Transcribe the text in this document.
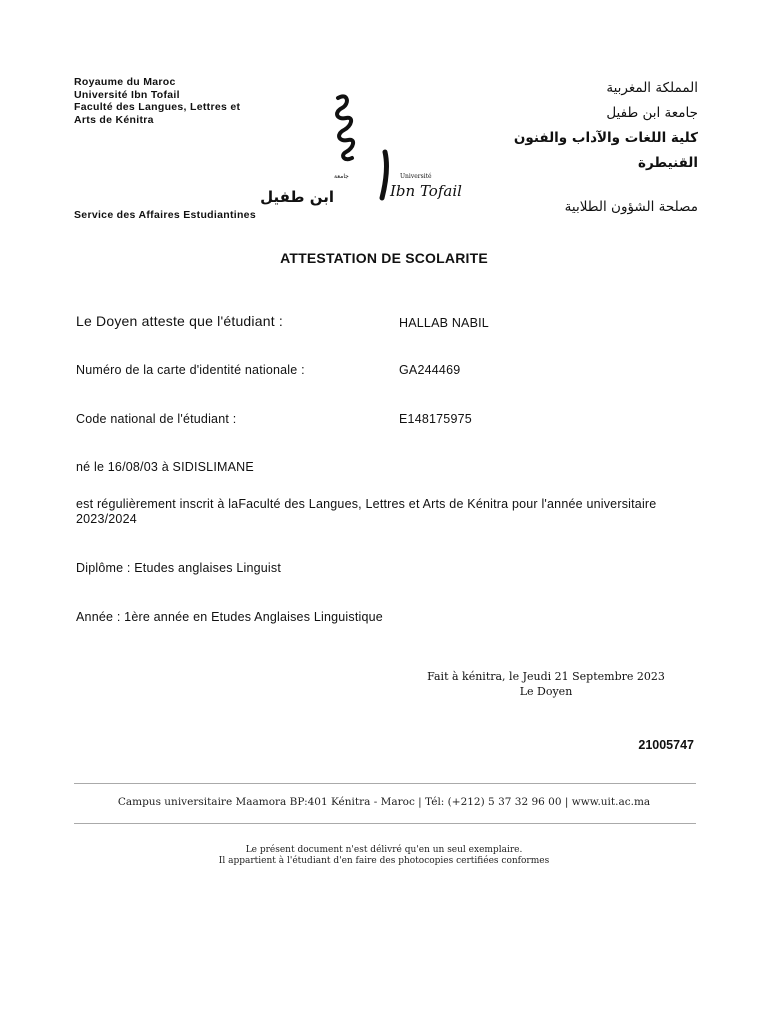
Royaume du Maroc
Université Ibn Tofail
Faculté des Langues, Lettres et
Arts de Kénitra
Service des Affaires Estudiantines
Université
Ibn Tofail
جامعة
ابن طفيل
المملكة المغربية
جامعة ابن طفيل
كلية اللغات والآداب والفنون
القنيطرة
مصلحة الشؤون الطلابية
ATTESTATION DE SCOLARITE
Le Doyen atteste que l'étudiant :	HALLAB NABIL
Numéro de la carte d'identité nationale :	GA244469
Code national de l'étudiant :	E148175975
né le 16/08/03 à SIDISLIMANE
est régulièrement inscrit à laFaculté des Langues, Lettres et Arts de Kénitra pour l'année universitaire 2023/2024
Diplôme : Etudes anglaises Linguist
Année : 1ère année en Etudes Anglaises Linguistique
Fait à kénitra, le Jeudi 21 Septembre 2023
Le Doyen
21005747
Campus universitaire Maamora BP:401 Kénitra - Maroc | Tél: (+212) 5 37 32 96 00 | www.uit.ac.ma
Le présent document n'est délivré qu'en un seul exemplaire.
Il appartient à l'étudiant d'en faire des photocopies certifiées conformes
